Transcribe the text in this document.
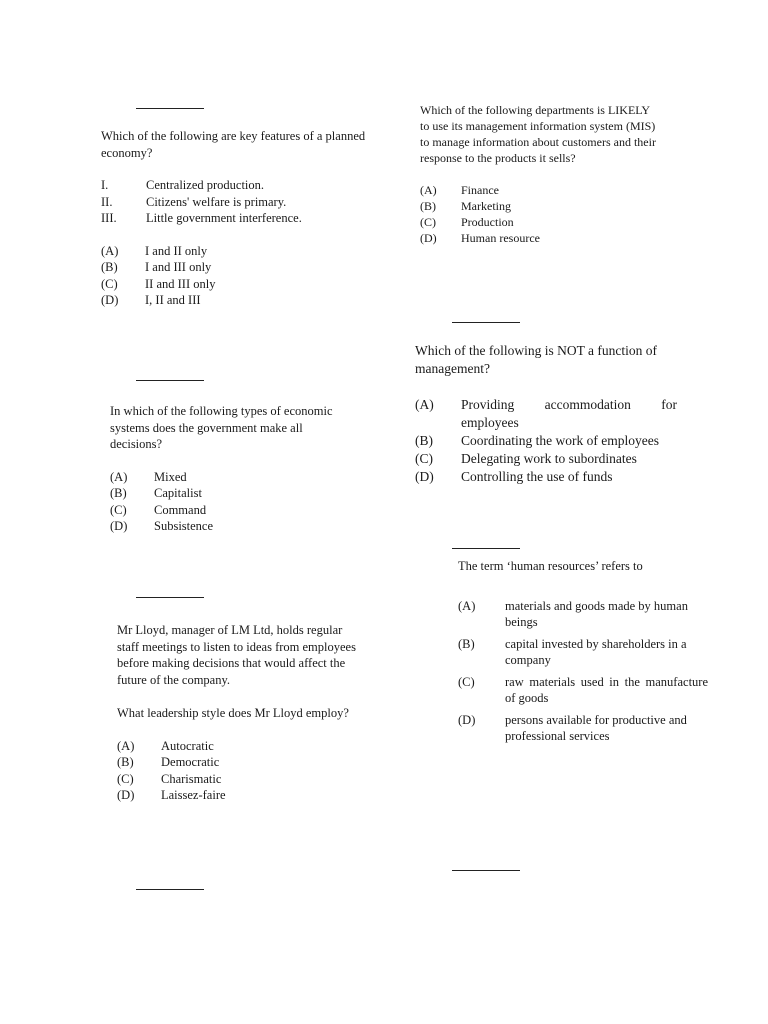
Which of the following are key features of a planned economy?

I.	Centralized production.
II.	Citizens' welfare is primary.
III.	Little government interference.
(A)	I and II only
(B)	I and III only
(C)	II and III only
(D)	I, II and III

In which of the following types of economic systems does the government make all decisions?

(A)	Mixed
(B)	Capitalist
(C)	Command
(D)	Subsistence

Mr Lloyd, manager of LM Ltd, holds regular staff meetings to listen to ideas from employees before making decisions that would affect the future of the company.

What leadership style does Mr Lloyd employ?

(A)	Autocratic
(B)	Democratic
(C)	Charismatic
(D)	Laissez-faire

Which of the following departments is LIKELY to use its management information system (MIS) to manage information about customers and their response to the products it sells?

(A)	Finance
(B)	Marketing
(C)	Production
(D)	Human resource

Which of the following is NOT a function of management?

(A)	Providing accommodation for employees
(B)	Coordinating the work of employees
(C)	Delegating work to subordinates
(D)	Controlling the use of funds

The term ‘human resources’ refers to

(A)	materials and goods made by human beings
(B)	capital invested by shareholders in a company
(C)	raw materials used in the manufacture of goods
(D)	persons available for productive and professional services
